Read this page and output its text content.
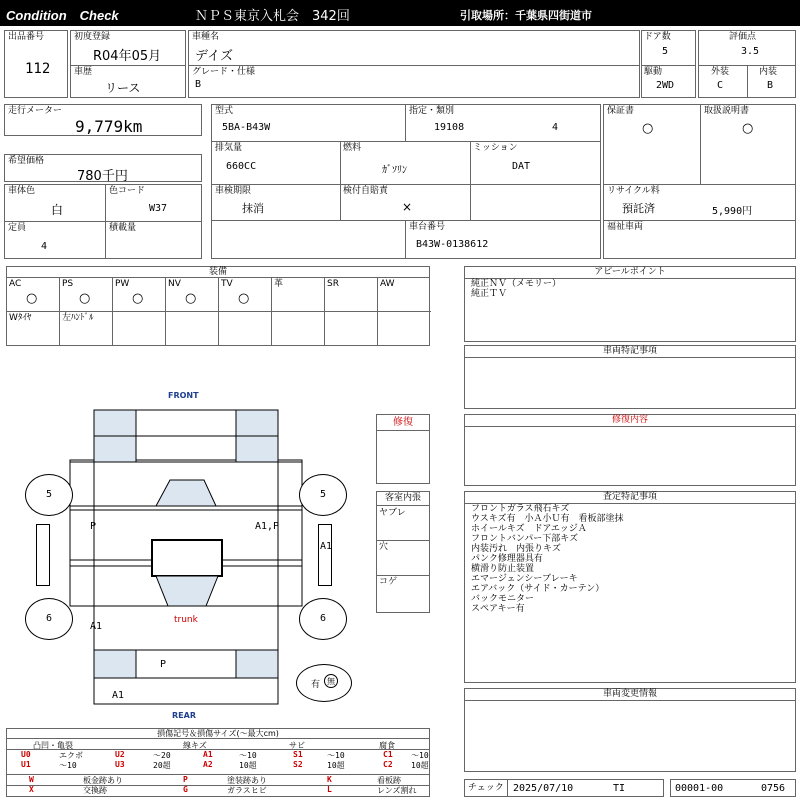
Condition　Check	ＮＰＳ東京入札会　342回	引取場所：千葉県四街道市
出品番号
112
初度登録
R04年05月
車歴
リース
車種名
デイズ
グレード・仕様
B
ドア数
5
駆動
2WD
評価点
3.5
外装
C
内装
B
走行メーター
9,779km
希望価格
780千円
型式
5BA-B43W
指定・類別
19108	4
排気量
660CC
燃料
ｶﾞｿﾘﾝ
ミッション
DAT
車検期限
抹消
検付自賠責
×
車台番号
B43W-0138612
車体色
白
色コード
W37
定員
4
積載量
保証書
○
取扱説明書
○
リサイクル料
預託済	5,990円
福祉車両
装備
AC
○
PS
○
PW
○
NV
○
TV
○
革	SR	AW
Wﾀｲﾔ	左ﾊﾝﾄﾞﾙ
FRONT
5	5
6	6
P	A1,P
A1
trunk
A1
P
A1
有 無
REAR
修復
客室内張
ヤブレ
穴
コゲ
アピールポイント
純正ＮＶ（メモリー）
純正ＴＶ
車両特記事項
修復内容
査定特記事項
フロントガラス飛石キズ
ウスキズ有　小Ａ小Ｕ有　看板部塗抹
ホイールキズ　ドアエッジＡ
フロントバンパー下部キズ
内装汚れ　内張りキズ
パンク修理器具有
横滑り防止装置
エマージェンシーブレーキ
エアバック（サイド・カーテン）
バックモニター
スペアキー有
車両変更情報
損傷記号＆損傷サイズ(～最大cm)
凸凹・亀裂	線キズ	サビ	腐食
U0	エクボ	U2	～20	A1	～10	S1	～10	C1 ～10
U1	～10	U3	20超	A2	10超	S2	10超	C2 10超
W	板金跡あり	P	塗装跡あり	K	看板跡
X	交換跡	G	ガラスヒビ	L	レンズ割れ	チェック 2025/07/10	TI	00001-00	0756
